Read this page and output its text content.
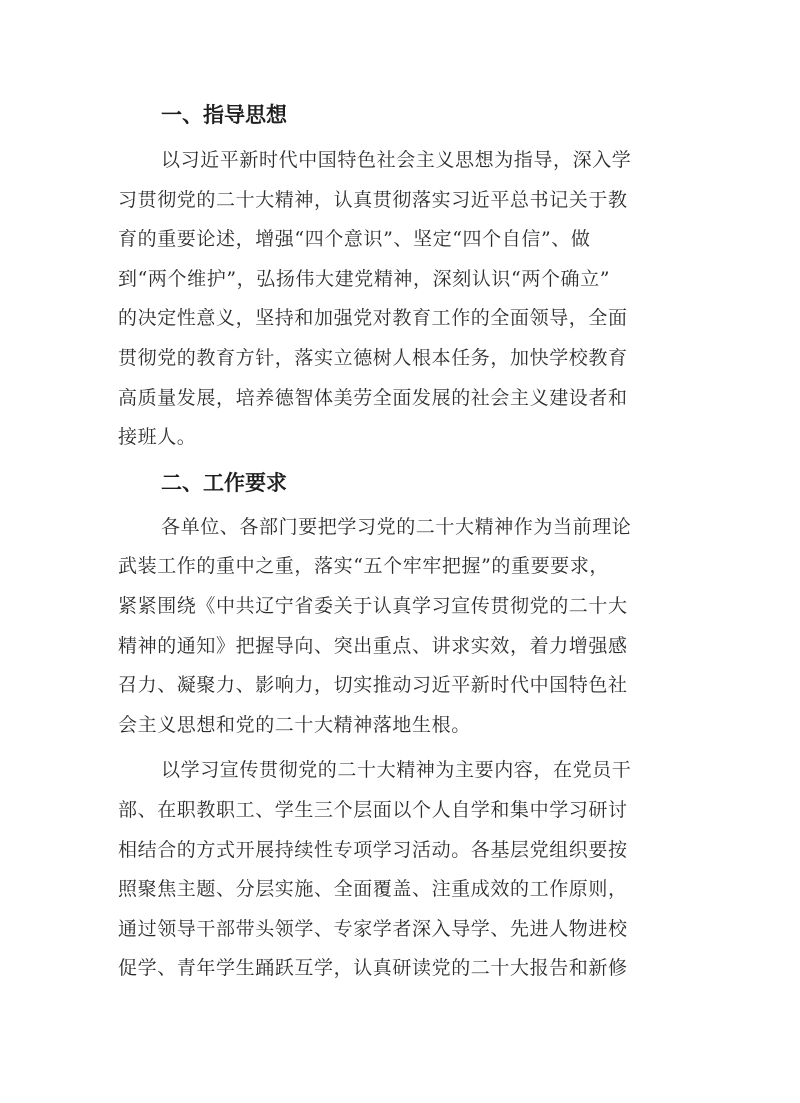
一、指导思想
以习近平新时代中国特色社会主义思想为指导，深入学
习贯彻党的二十大精神，认真贯彻落实习近平总书记关于教
育的重要论述，增强“四个意识”、坚定“四个自信”、做
到“两个维护”，弘扬伟大建党精神，深刻认识“两个确立”
的决定性意义，坚持和加强党对教育工作的全面领导，全面
贯彻党的教育方针，落实立德树人根本任务，加快学校教育
高质量发展，培养德智体美劳全面发展的社会主义建设者和
接班人。
二、工作要求
各单位、各部门要把学习党的二十大精神作为当前理论
武装工作的重中之重，落实“五个牢牢把握”的重要要求，
紧紧围绕《中共辽宁省委关于认真学习宣传贯彻党的二十大
精神的通知》把握导向、突出重点、讲求实效，着力增强感
召力、凝聚力、影响力，切实推动习近平新时代中国特色社
会主义思想和党的二十大精神落地生根。
以学习宣传贯彻党的二十大精神为主要内容，在党员干
部、在职教职工、学生三个层面以个人自学和集中学习研讨
相结合的方式开展持续性专项学习活动。各基层党组织要按
照聚焦主题、分层实施、全面覆盖、注重成效的工作原则，
通过领导干部带头领学、专家学者深入导学、先进人物进校
促学、青年学生踊跃互学，认真研读党的二十大报告和新修
